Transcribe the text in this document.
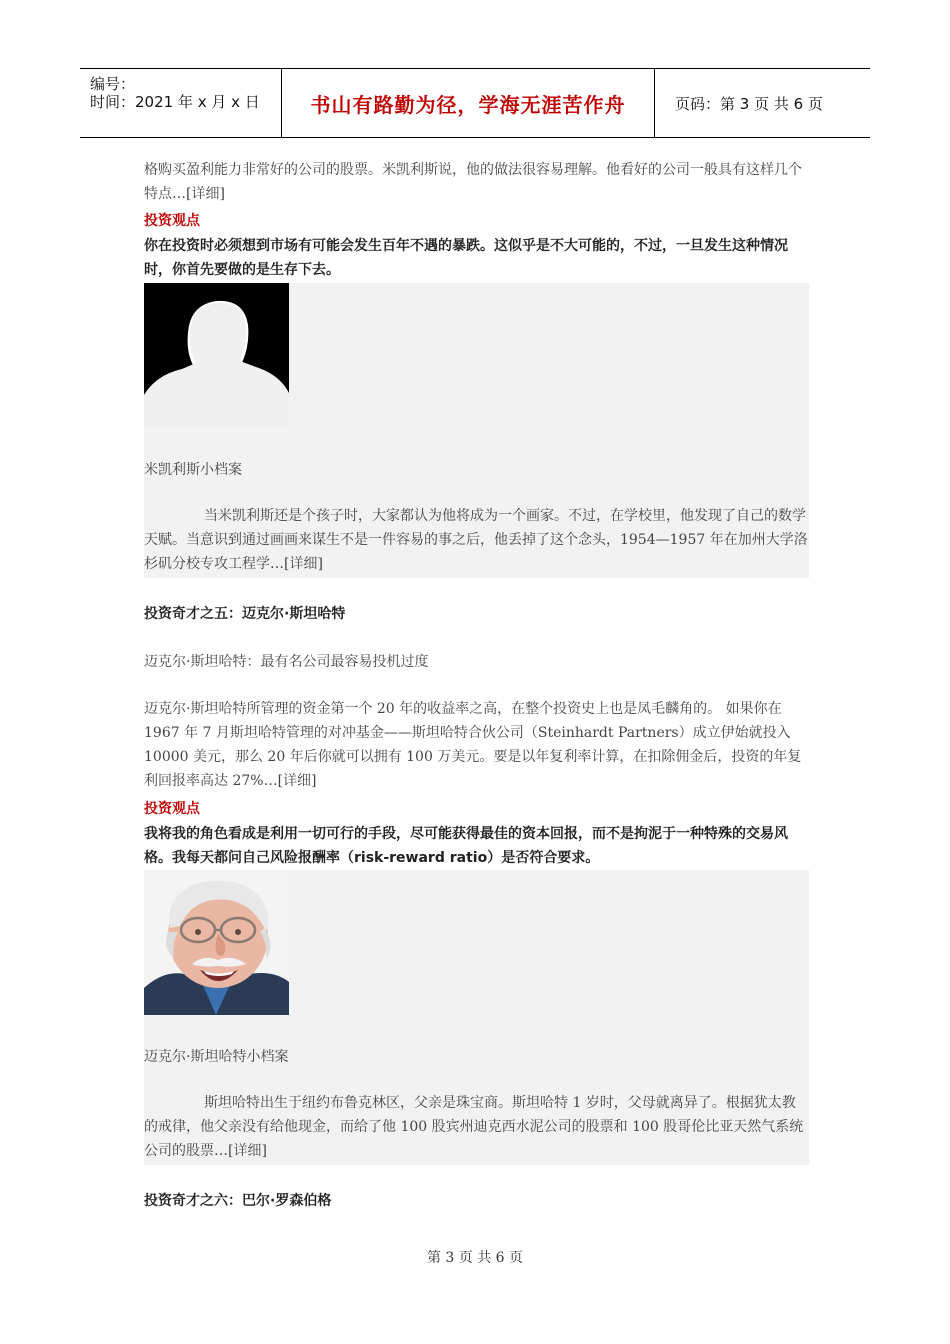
编号：
时间：2021 年 x 月 x 日	书山有路勤为径，学海无涯苦作舟	页码：第 3 页 共 6 页
格购买盈利能力非常好的公司的股票。米凯利斯说，他的做法很容易理解。他看好的公司一般具有这样几个特点…[详细]
投资观点
你在投资时必须想到市场有可能会发生百年不遇的暴跌。这似乎是不大可能的，不过，一旦发生这种情况时，你首先要做的是生存下去。
米凯利斯小档案
当米凯利斯还是个孩子时，大家都认为他将成为一个画家。不过，在学校里，他发现了自己的数学天赋。当意识到通过画画来谋生不是一件容易的事之后，他丢掉了这个念头，1954—1957 年在加州大学洛杉矶分校专攻工程学…[详细]
投资奇才之五：迈克尔·斯坦哈特
迈克尔·斯坦哈特：最有名公司最容易投机过度
迈克尔·斯坦哈特所管理的资金第一个 20 年的收益率之高，在整个投资史上也是凤毛麟角的。 如果你在 1967 年 7 月斯坦哈特管理的对冲基金——斯坦哈特合伙公司（Steinhardt Partners）成立伊始就投入 10000 美元，那么 20 年后你就可以拥有 100 万美元。要是以年复利率计算，在扣除佣金后，投资的年复利回报率高达 27%…[详细]
投资观点
我将我的角色看成是利用一切可行的手段，尽可能获得最佳的资本回报，而不是拘泥于一种特殊的交易风格。我每天都问自己风险报酬率（risk-reward ratio）是否符合要求。
迈克尔·斯坦哈特小档案
斯坦哈特出生于纽约布鲁克林区，父亲是珠宝商。斯坦哈特 1 岁时，父母就离异了。根据犹太教的戒律，他父亲没有给他现金，而给了他 100 股宾州迪克西水泥公司的股票和 100 股哥伦比亚天然气系统公司的股票…[详细]
投资奇才之六：巴尔·罗森伯格
第 3 页 共 6 页
